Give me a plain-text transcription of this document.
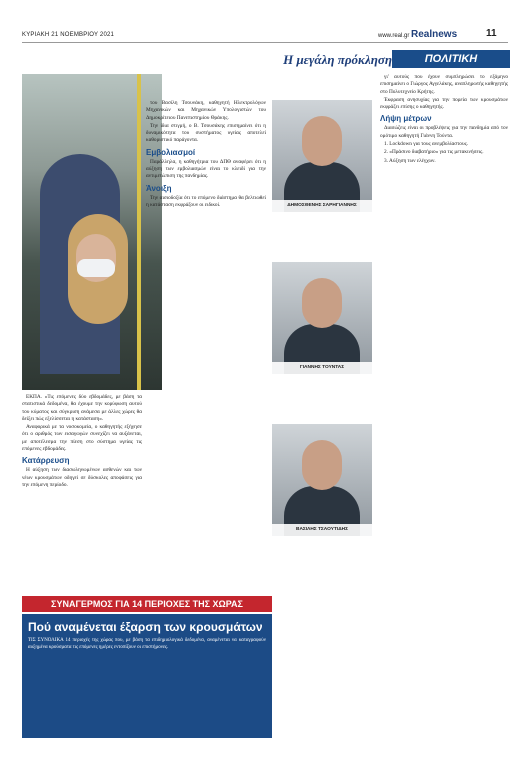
ΚΥΡΙΑΚΗ 21 ΝΟΕΜΒΡΙΟΥ 2021	www.real.gr Realnews	11
Η μεγάλη πρόκληση	ΠΟΛΙΤΙΚΗ

ΕΚΠΑ. «Τις επόμενες δύο εβδομάδες, με βάση τα στατιστικά δεδομένα, θα έχουμε την κορύφωση αυτού του κύματος και σύγκριση ανάμεσα με άλλες χώρες θα δείξει πώς εξελίσσεται η κατάσταση».

Αναφορικά με τα νοσοκομεία, ο καθηγητής εξήγησε ότι ο αριθμός των εισαγωγών συνεχίζει να αυξάνεται, με αποτέλεσμα την πίεση στο σύστημα υγείας τις επόμενες εβδομάδες.

Κατάρρευση

Η αύξηση των διασωληνωμένων ασθενών και των νέων κρουσμάτων οδηγεί σε δύσκολες αποφάσεις για την επόμενη περίοδο.

του Βασίλη Τσουνάκη, καθηγητή Ηλεκτρολόγων Μηχανικών και Μηχανικών Υπολογιστών του Δημοκρίτειου Πανεπιστημίου Θράκης.

Την ίδια στιγμή, ο Β. Τσουσάκης επισημαίνει ότι η δυναμικότητα του συστήματος υγείας αποτελεί καθοριστικό παράγοντα.

Εμβολιασμοί

Παράλληλα, η καθηγήτρια του ΔΠΘ αναφέρει ότι η αύξηση των εμβολιασμών είναι το κλειδί για την αντιμετώπιση της πανδημίας.

Άνοιξη

Την αισιοδοξία ότι το επόμενο διάστημα θα βελτιωθεί η κατάσταση εκφράζουν οι ειδικοί.	ΔΗΜΟΣΘΕΝΗΣ ΣΑΡΗΓΙΑΝΝΗΣ
ΓΙΑΝΝΗΣ ΤΟΥΝΤΑΣ
ΒΑΣΙΛΗΣ ΤΣΑΟΥΤΙΔΗΣ

γι' αυτούς που έχουν συμπληρώσει το εξάμηνο επισημαίνει ο Γιώργος Αγγελάκης, αναπληρωτής καθηγητής στο Πολυτεχνείο Κρήτης.

Έκφραση ανησυχίας για την πορεία των κρουσμάτων εκφράζει επίσης ο καθηγητής.

Λήψη μέτρων

Διασώζεις είναι οι προβλέψεις για την πανδημία από τον ομότιμο καθηγητή Γιάννη Τούντα.

1. Lockdown για τους ανεμβολίαστους.

2. «Πράσινο διαβατήριο» για τις μετακινήσεις.

3. Αύξηση των ελέγχων.

ΣΥΝΑΓΕΡΜΟΣ ΓΙΑ 14 ΠΕΡΙΟΧΕΣ ΤΗΣ ΧΩΡΑΣ
Πού αναμένεται έξαρση των κρουσμάτων

ΤΙΣ ΣΥΝΟΛΙΚΑ 14 περιοχές της χώρας που, με βάση τα επιδημιολογικά δεδομένα, αναμένεται να καταγραφούν αυξημένα κρούσματα τις επόμενες ημέρες εντοπίζουν οι επιστήμονες.
